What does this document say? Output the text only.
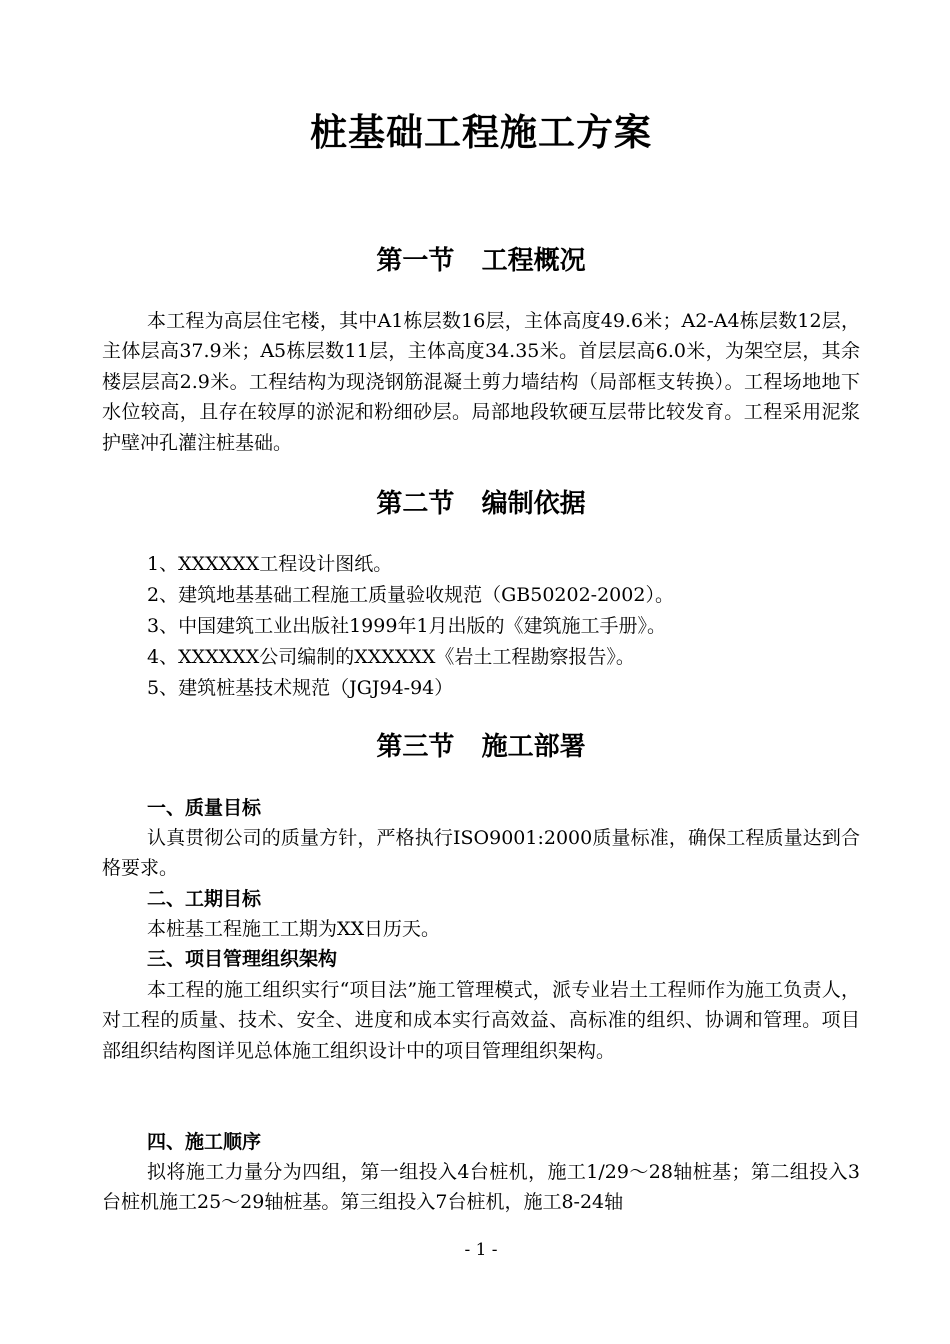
桩基础工程施工方案
第一节   工程概况

本工程为高层住宅楼，其中A1栋层数16层，主体高度49.6米；A2-A4栋层数12层，主体层高37.9米；A5栋层数11层，主体高度34.35米。首层层高6.0米，为架空层，其余楼层层高2.9米。工程结构为现浇钢筋混凝土剪力墙结构（局部框支转换）。工程场地地下水位较高，且存在较厚的淤泥和粉细砂层。局部地段软硬互层带比较发育。工程采用泥浆护壁冲孔灌注桩基础。

第二节   编制依据

1、XXXXXX工程设计图纸。

2、建筑地基基础工程施工质量验收规范（GB50202-2002）。

3、中国建筑工业出版社1999年1月出版的《建筑施工手册》。

4、XXXXXX公司编制的XXXXXX《岩土工程勘察报告》。

5、建筑桩基技术规范（JGJ94-94）

第三节   施工部署
一、质量目标

认真贯彻公司的质量方针，严格执行ISO9001:2000质量标准，确保工程质量达到合格要求。

二、工期目标

本桩基工程施工工期为XX日历天。

三、项目管理组织架构

本工程的施工组织实行“项目法”施工管理模式，派专业岩土工程师作为施工负责人，对工程的质量、技术、安全、进度和成本实行高效益、高标准的组织、协调和管理。项目部组织结构图详见总体施工组织设计中的项目管理组织架构。

四、施工顺序

拟将施工力量分为四组，第一组投入4台桩机，施工1/29～28轴桩基；第二组投入3台桩机施工25～29轴桩基。第三组投入7台桩机，施工8-24轴

- 1 -
